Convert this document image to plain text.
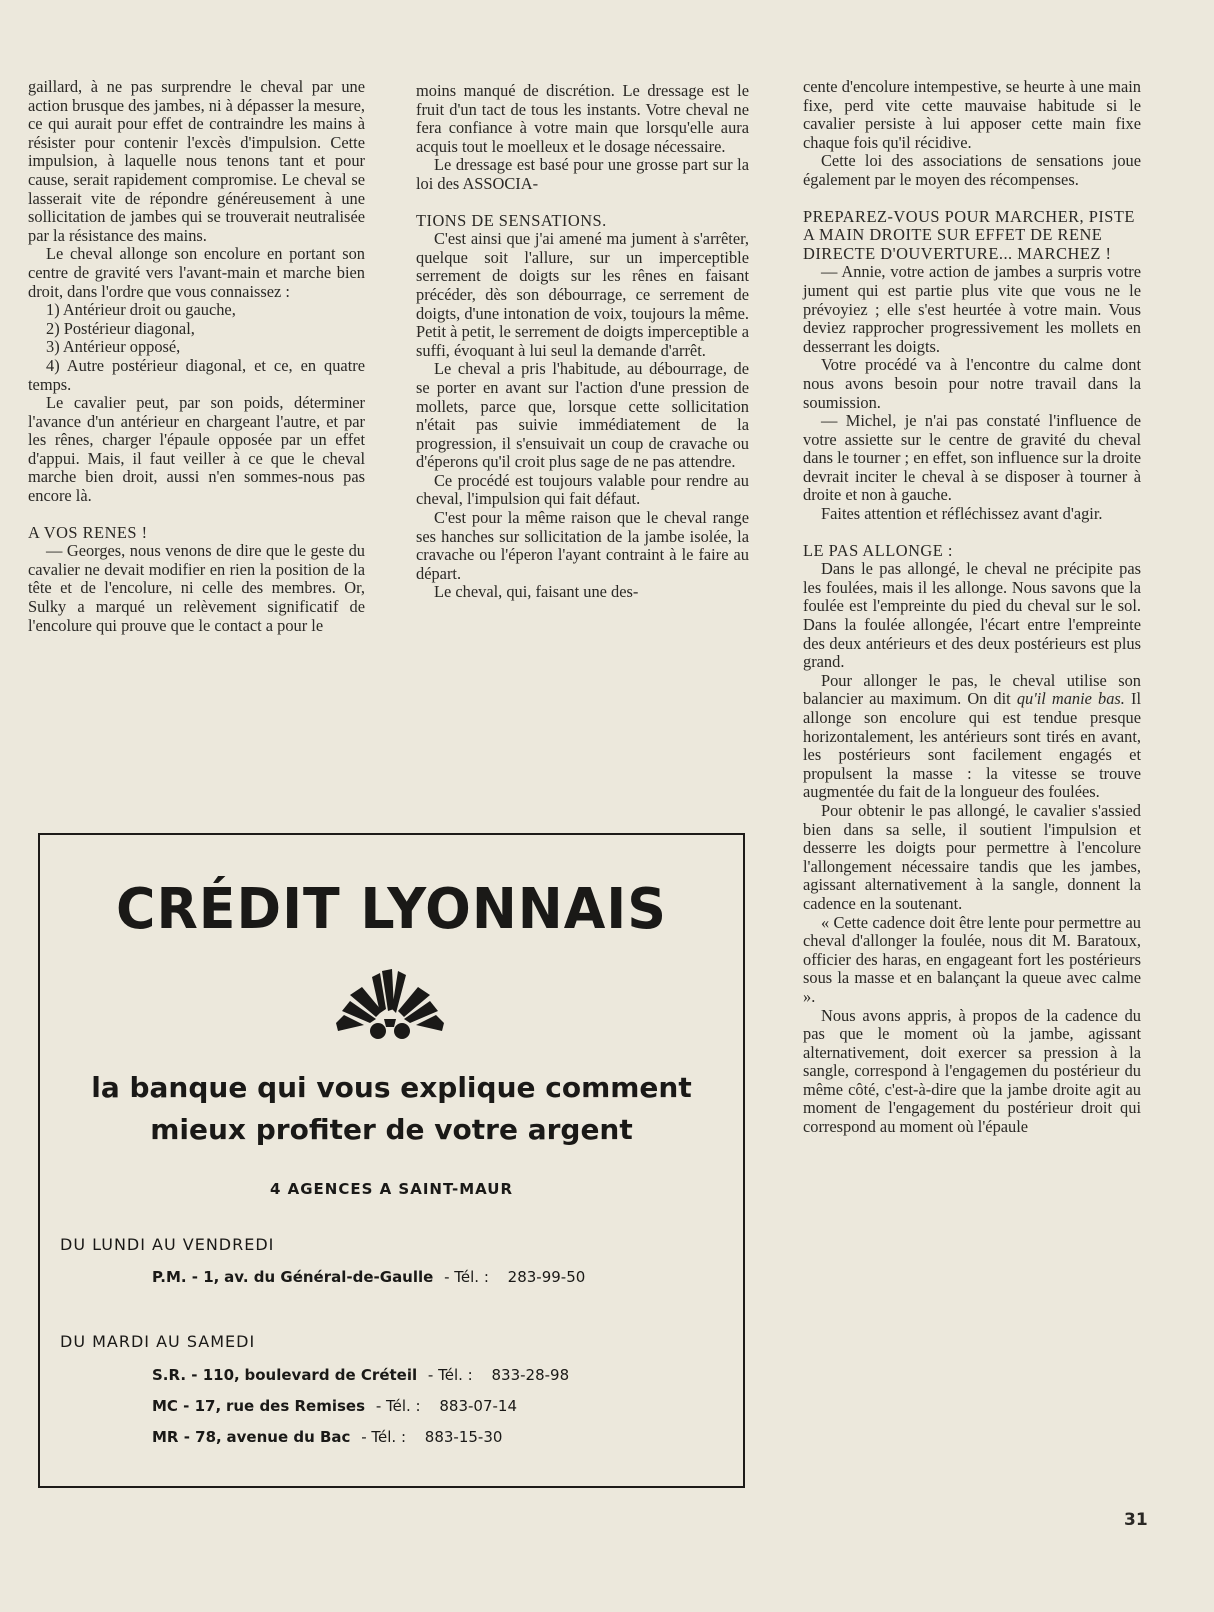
gaillard, à ne pas surprendre le cheval par une action brusque des jambes, ni à dépasser la mesure, ce qui aurait pour effet de contraindre les mains à résister pour contenir l'excès d'impulsion. Cette impulsion, à laquelle nous tenons tant et pour cause, serait rapidement compromise. Le cheval se lasserait vite de répondre généreusement à une sollicitation de jambes qui se trouverait neutralisée par la résistance des mains.

Le cheval allonge son encolure en portant son centre de gravité vers l'avant-main et marche bien droit, dans l'ordre que vous connaissez :

1) Antérieur droit ou gauche,

2) Postérieur diagonal,

3) Antérieur opposé,

4) Autre postérieur diagonal, et ce, en quatre temps.

Le cavalier peut, par son poids, déterminer l'avance d'un antérieur en chargeant l'autre, et par les rênes, charger l'épaule opposée par un effet d'appui. Mais, il faut veiller à ce que le cheval marche bien droit, aussi n'en sommes-nous pas encore là.

A VOS RENES !

— Georges, nous venons de dire que le geste du cavalier ne devait modifier en rien la position de la tête et de l'encolure, ni celle des membres. Or, Sulky a marqué un relèvement significatif de l'encolure qui prouve que le contact a pour le

moins manqué de discrétion. Le dressage est le fruit d'un tact de tous les instants. Votre cheval ne fera confiance à votre main que lorsqu'elle aura acquis tout le moelleux et le dosage nécessaire.

Le dressage est basé pour une grosse part sur la loi des ASSOCIA-

TIONS DE SENSATIONS.

C'est ainsi que j'ai amené ma jument à s'arrêter, quelque soit l'allure, sur un imperceptible serrement de doigts sur les rênes en faisant précéder, dès son débourrage, ce serrement de doigts, d'une intonation de voix, toujours la même. Petit à petit, le serrement de doigts imperceptible a suffi, évoquant à lui seul la demande d'arrêt.

Le cheval a pris l'habitude, au débourrage, de se porter en avant sur l'action d'une pression de mollets, parce que, lorsque cette sollicitation n'était pas suivie immédiatement de la progression, il s'ensuivait un coup de cravache ou d'éperons qu'il croit plus sage de ne pas attendre.

Ce procédé est toujours valable pour rendre au cheval, l'impulsion qui fait défaut.

C'est pour la même raison que le cheval range ses hanches sur sollicitation de la jambe isolée, la cravache ou l'éperon l'ayant contraint à le faire au départ.

Le cheval, qui, faisant une des-

cente d'encolure intempestive, se heurte à une main fixe, perd vite cette mauvaise habitude si le cavalier persiste à lui apposer cette main fixe chaque fois qu'il récidive.

Cette loi des associations de sensations joue également par le moyen des récompenses.

PREPAREZ-VOUS POUR MARCHER, PISTE A MAIN DROITE SUR EFFET DE RENE DIRECTE D'OUVERTURE... MARCHEZ !

— Annie, votre action de jambes a surpris votre jument qui est partie plus vite que vous ne le prévoyiez ; elle s'est heurtée à votre main. Vous deviez rapprocher progressivement les mollets en desserrant les doigts.

Votre procédé va à l'encontre du calme dont nous avons besoin pour notre travail dans la soumission.

— Michel, je n'ai pas constaté l'influence de votre assiette sur le centre de gravité du cheval dans le tourner ; en effet, son influence sur la droite devrait inciter le cheval à se disposer à tourner à droite et non à gauche.

Faites attention et réfléchissez avant d'agir.

LE PAS ALLONGE :

Dans le pas allongé, le cheval ne précipite pas les foulées, mais il les allonge. Nous savons que la foulée est l'empreinte du pied du cheval sur le sol. Dans la foulée allongée, l'écart entre l'empreinte des deux antérieurs et des deux postérieurs est plus grand.

Pour allonger le pas, le cheval utilise son balancier au maximum. On dit qu'il manie bas. Il allonge son encolure qui est tendue presque horizontalement, les antérieurs sont tirés en avant, les postérieurs sont facilement engagés et propulsent la masse : la vitesse se trouve augmentée du fait de la longueur des foulées.

Pour obtenir le pas allongé, le cavalier s'assied bien dans sa selle, il soutient l'impulsion et desserre les doigts pour permettre à l'encolure l'allongement nécessaire tandis que les jambes, agissant alternativement à la sangle, donnent la cadence en la soutenant.

« Cette cadence doit être lente pour permettre au cheval d'allonger la foulée, nous dit M. Baratoux, officier des haras, en engageant fort les postérieurs sous la masse et en balançant la queue avec calme ».

Nous avons appris, à propos de la cadence du pas que le moment où la jambe, agissant alternativement, doit exercer sa pression à la sangle, correspond à l'engagemen du postérieur du même côté, c'est-à-dire que la jambe droite agit au moment de l'engagement du postérieur droit qui correspond au moment où l'épaule

CRÉDIT LYONNAIS
la banque qui vous explique comment
mieux profiter de votre argent
4 AGENCES A SAINT-MAUR
DU LUNDI AU VENDREDI
P.M. - 1, av. du Général-de-Gaulle - Tél. : 283-99-50
DU MARDI AU SAMEDI
S.R. - 110, boulevard de Créteil - Tél. : 833-28-98
MC - 17, rue des Remises - Tél. : 883-07-14
MR - 78, avenue du Bac - Tél. : 883-15-30
31
